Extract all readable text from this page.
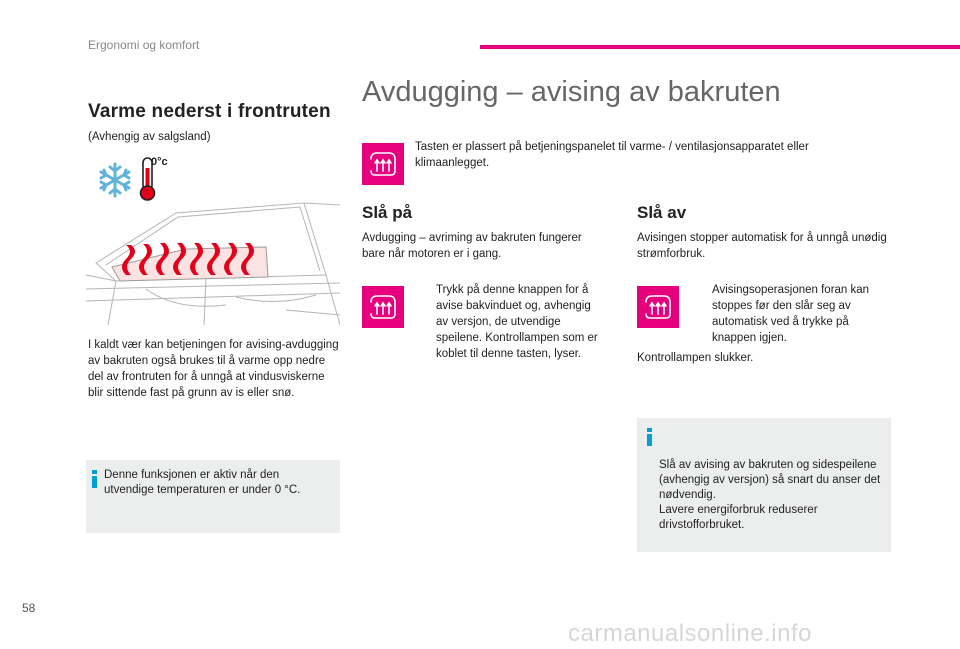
Ergonomi og komfort
Varme nederst i frontruten
(Avhengig av salgsland)
0°c
I kaldt vær kan betjeningen for avising-avdugging av bakruten også brukes til å varme opp nedre del av frontruten for å unngå at vindusviskerne blir sittende fast på grunn av is eller snø.
Denne funksjonen er aktiv når den utvendige temperaturen er under 0 °C.
Avdugging – avising av bakruten
Tasten er plassert på betjeningspanelet til varme- / ventilasjonsapparatet eller klimaanlegget.
Slå på
Avdugging – avriming av bakruten fungerer bare når motoren er i gang.
Trykk på denne knappen for å avise bakvinduet og, avhengig av versjon, de utvendige speilene. Kontrollampen som er koblet til denne tasten, lyser.
Slå av
Avisingen stopper automatisk for å unngå unødig strømforbruk.
Avisingsoperasjonen foran kan stoppes før den slår seg av automatisk ved å trykke på knappen igjen.
Kontrollampen slukker.

Slå av avising av bakruten og sidespeilene (avhengig av versjon) så snart du anser det nødvendig.
Lavere energiforbruk reduserer drivstofforbruket.

58
carmanualsonline.info
